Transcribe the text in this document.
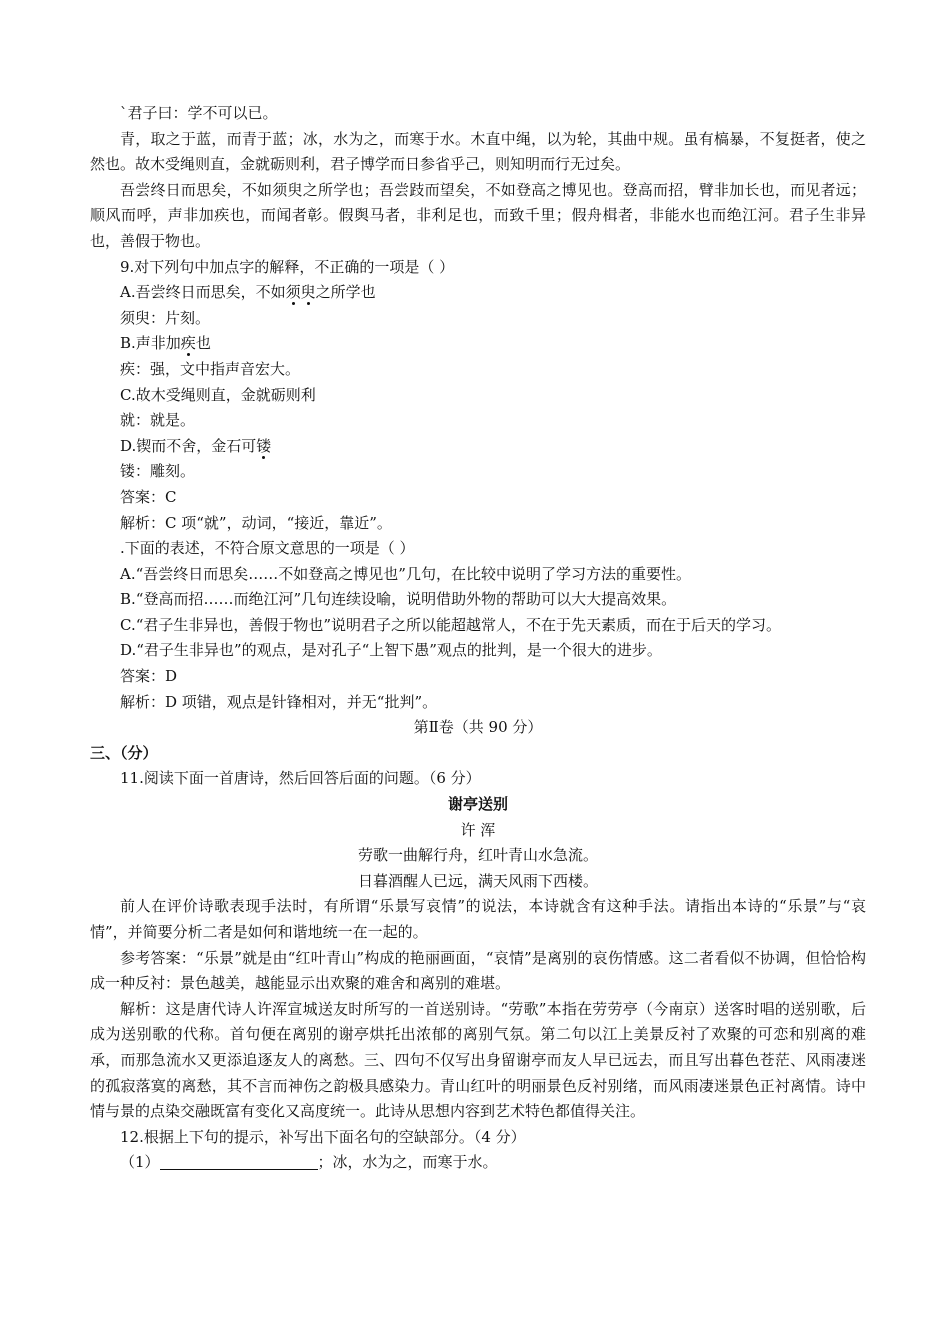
`君子曰：学不可以已。

青，取之于蓝，而青于蓝；冰，水为之，而寒于水。木直中绳，以为轮，其曲中规。虽有槁暴，不复挺者，使之然也。故木受绳则直，金就砺则利，君子博学而日参省乎己，则知明而行无过矣。

吾尝终日而思矣，不如须臾之所学也；吾尝跂而望矣，不如登高之博见也。登高而招，臂非加长也，而见者远；顺风而呼，声非加疾也，而闻者彰。假舆马者，非利足也，而致千里；假舟楫者，非能水也而绝江河。君子生非异也，善假于物也。

9.对下列句中加点字的解释，不正确的一项是（ ）

A.吾尝终日而思矣，不如须臾之所学也

须臾：片刻。

B.声非加疾也

疾：强，文中指声音宏大。

C.故木受绳则直，金就砺则利

就：就是。

D.锲而不舍，金石可镂

镂：雕刻。

答案：C

解析：C 项“就”，动词，“接近，靠近”。

.下面的表述，不符合原文意思的一项是（ ）

A.“吾尝终日而思矣……不如登高之博见也”几句，在比较中说明了学习方法的重要性。

B.“登高而招……而绝江河”几句连续设喻，说明借助外物的帮助可以大大提高效果。

C.“君子生非异也，善假于物也”说明君子之所以能超越常人，不在于先天素质，而在于后天的学习。

D.“君子生非异也”的观点，是对孔子“上智下愚”观点的批判，是一个很大的进步。

答案：D

解析：D 项错，观点是针锋相对，并无“批判”。

第Ⅱ卷（共 90 分）

三、（分）

11.阅读下面一首唐诗，然后回答后面的问题。（6 分）

谢亭送别

许 浑

劳歌一曲解行舟，红叶青山水急流。

日暮酒醒人已远，满天风雨下西楼。

前人在评价诗歌表现手法时，有所谓“乐景写哀情”的说法，本诗就含有这种手法。请指出本诗的“乐景”与“哀情”，并简要分析二者是如何和谐地统一在一起的。

参考答案：“乐景”就是由“红叶青山”构成的艳丽画面，“哀情”是离别的哀伤情感。这二者看似不协调，但恰恰构成一种反衬：景色越美，越能显示出欢聚的难舍和离别的难堪。

解析：这是唐代诗人许浑宣城送友时所写的一首送别诗。“劳歌”本指在劳劳亭（今南京）送客时唱的送别歌，后成为送别歌的代称。首句便在离别的谢亭烘托出浓郁的离别气氛。第二句以江上美景反衬了欢聚的可恋和别离的难承，而那急流水又更添追逐友人的离愁。三、四句不仅写出身留谢亭而友人早已远去，而且写出暮色苍茫、风雨凄迷的孤寂落寞的离愁，其不言而神伤之韵极具感染力。青山红叶的明丽景色反衬别绪，而风雨凄迷景色正衬离情。诗中情与景的点染交融既富有变化又高度统一。此诗从思想内容到艺术特色都值得关注。

12.根据上下句的提示，补写出下面名句的空缺部分。（4 分）

（1）	；冰，水为之，而寒于水。
